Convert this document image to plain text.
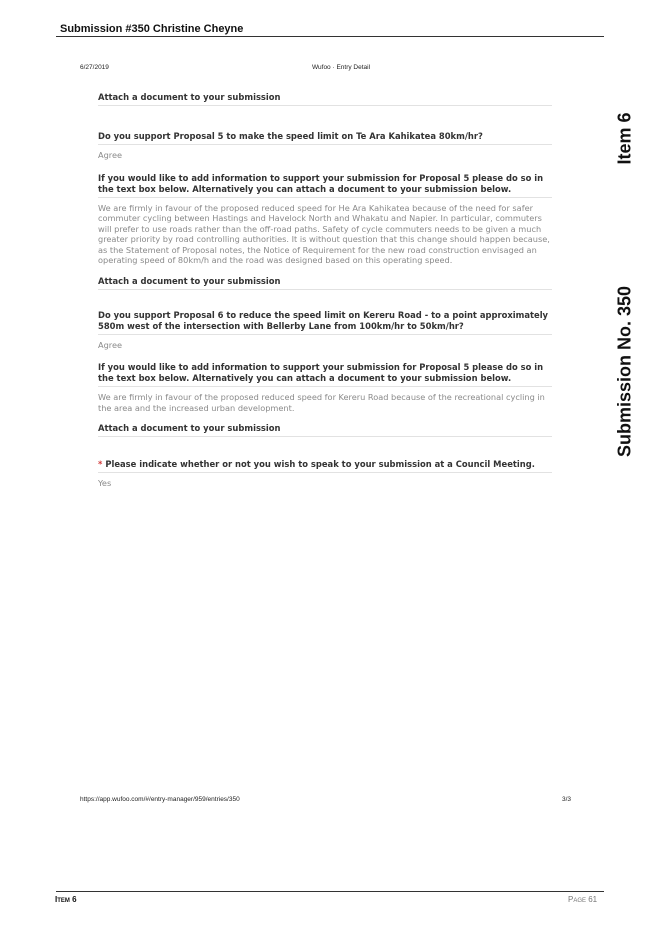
Submission #350 Christine Cheyne
6/27/2019	Wufoo · Entry Detail
Attach a document to your submission
Do you support Proposal 5 to make the speed limit on Te Ara Kahikatea 80km/hr?
Agree
If you would like to add information to support your submission for Proposal 5 please do so in the text box below. Alternatively you can attach a document to your submission below.
We are firmly in favour of the proposed reduced speed for He Ara Kahikatea because of the need for safer commuter cycling between Hastings and Havelock North and Whakatu and Napier. In particular, commuters will prefer to use roads rather than the off-road paths. Safety of cycle commuters needs to be given a much greater priority by road controlling authorities. It is without question that this change should happen because, as the Statement of Proposal notes, the Notice of Requirement for the new road construction envisaged an operating speed of 80km/h and the road was designed based on this operating speed.
Attach a document to your submission
Do you support Proposal 6 to reduce the speed limit on Kereru Road - to a point approximately 580m west of the intersection with Bellerby Lane from 100km/hr to 50km/hr?
Agree
If you would like to add information to support your submission for Proposal 5 please do so in the text box below. Alternatively you can attach a document to your submission below.
We are firmly in favour of the proposed reduced speed for Kereru Road because of the recreational cycling in the area and the increased urban development.
Attach a document to your submission
* Please indicate whether or not you wish to speak to your submission at a Council Meeting.
Yes
Item 6
Submission No. 350
https://app.wufoo.com/#/entry-manager/959/entries/350	3/3
Item 6	Page 61
